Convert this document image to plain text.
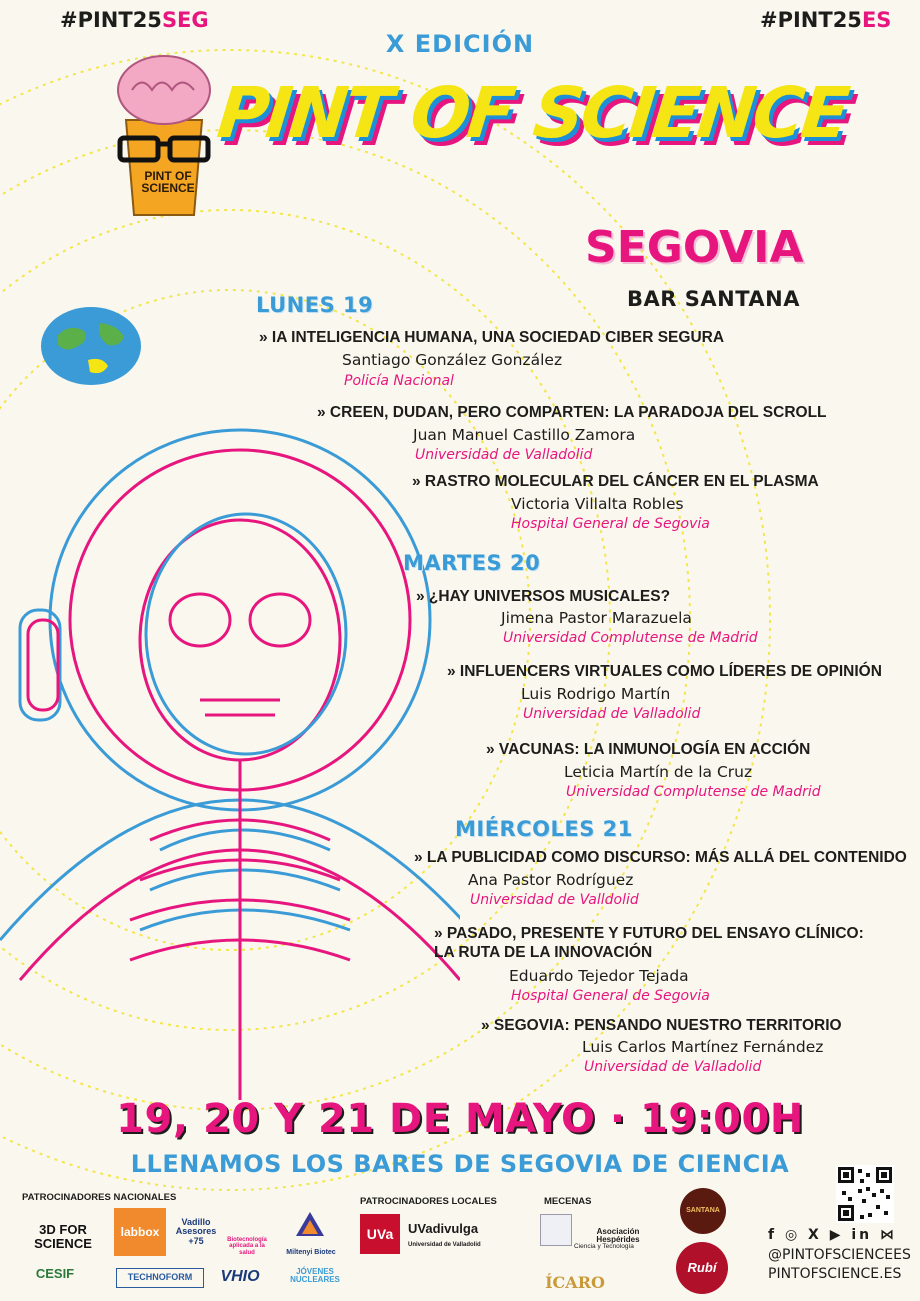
#PINT25SEG	#PINT25ES
X EDICIÓN
PINT OF SCIENCE
PINT OF SCIENCE
SEGOVIA
BAR SANTANA
LUNES 19
» IA INTELIGENCIA HUMANA, UNA SOCIEDAD CIBER SEGURA
Santiago González González
Policía Nacional
» CREEN, DUDAN, PERO COMPARTEN: LA PARADOJA DEL SCROLL
Juan Manuel Castillo Zamora
Universidad de Valladolid
» RASTRO MOLECULAR DEL CÁNCER EN EL PLASMA
Victoria Villalta Robles
Hospital General de Segovia
MARTES 20
» ¿HAY UNIVERSOS MUSICALES?
Jimena Pastor Marazuela
Universidad Complutense de Madrid
» INFLUENCERS VIRTUALES COMO LÍDERES DE OPINIÓN
Luis Rodrigo Martín
Universidad de Valladolid
» VACUNAS: LA INMUNOLOGÍA EN ACCIÓN
Leticia Martín de la Cruz
Universidad Complutense de Madrid
MIÉRCOLES 21
» LA PUBLICIDAD COMO DISCURSO: MÁS ALLÁ DEL CONTENIDO
Ana Pastor Rodríguez
Universidad de Valldolid
» PASADO, PRESENTE Y FUTURO DEL ENSAYO CLÍNICO:
LA RUTA DE LA INNOVACIÓN
Eduardo Tejedor Tejada
Hospital General de Segovia
» SEGOVIA: PENSANDO NUESTRO TERRITORIO
Luis Carlos Martínez Fernández
Universidad de Valladolid
19, 20 Y 21 DE MAYO · 19:00H
LLENAMOS LOS BARES DE SEGOVIA DE CIENCIA
PATROCINADORES NACIONALES	PATROCINADORES LOCALES	MECENAS
3D FOR SCIENCE
labbox
Vadillo Asesores +75	Biotecnología aplicada a la salud	Miltenyi Biotec
CESIF	TECHNOFORM	VHIO	JÓVENES NUCLEARES
UVa	UVadivulga
Universidad de Valladolid
Asociación Hespérides
Ciencia y Tecnología
ÍCARO
SANTANA
Rubí
f ◎ X ▶ in ⋈
@PINTOFSCIENCEES
PINTOFSCIENCE.ES
